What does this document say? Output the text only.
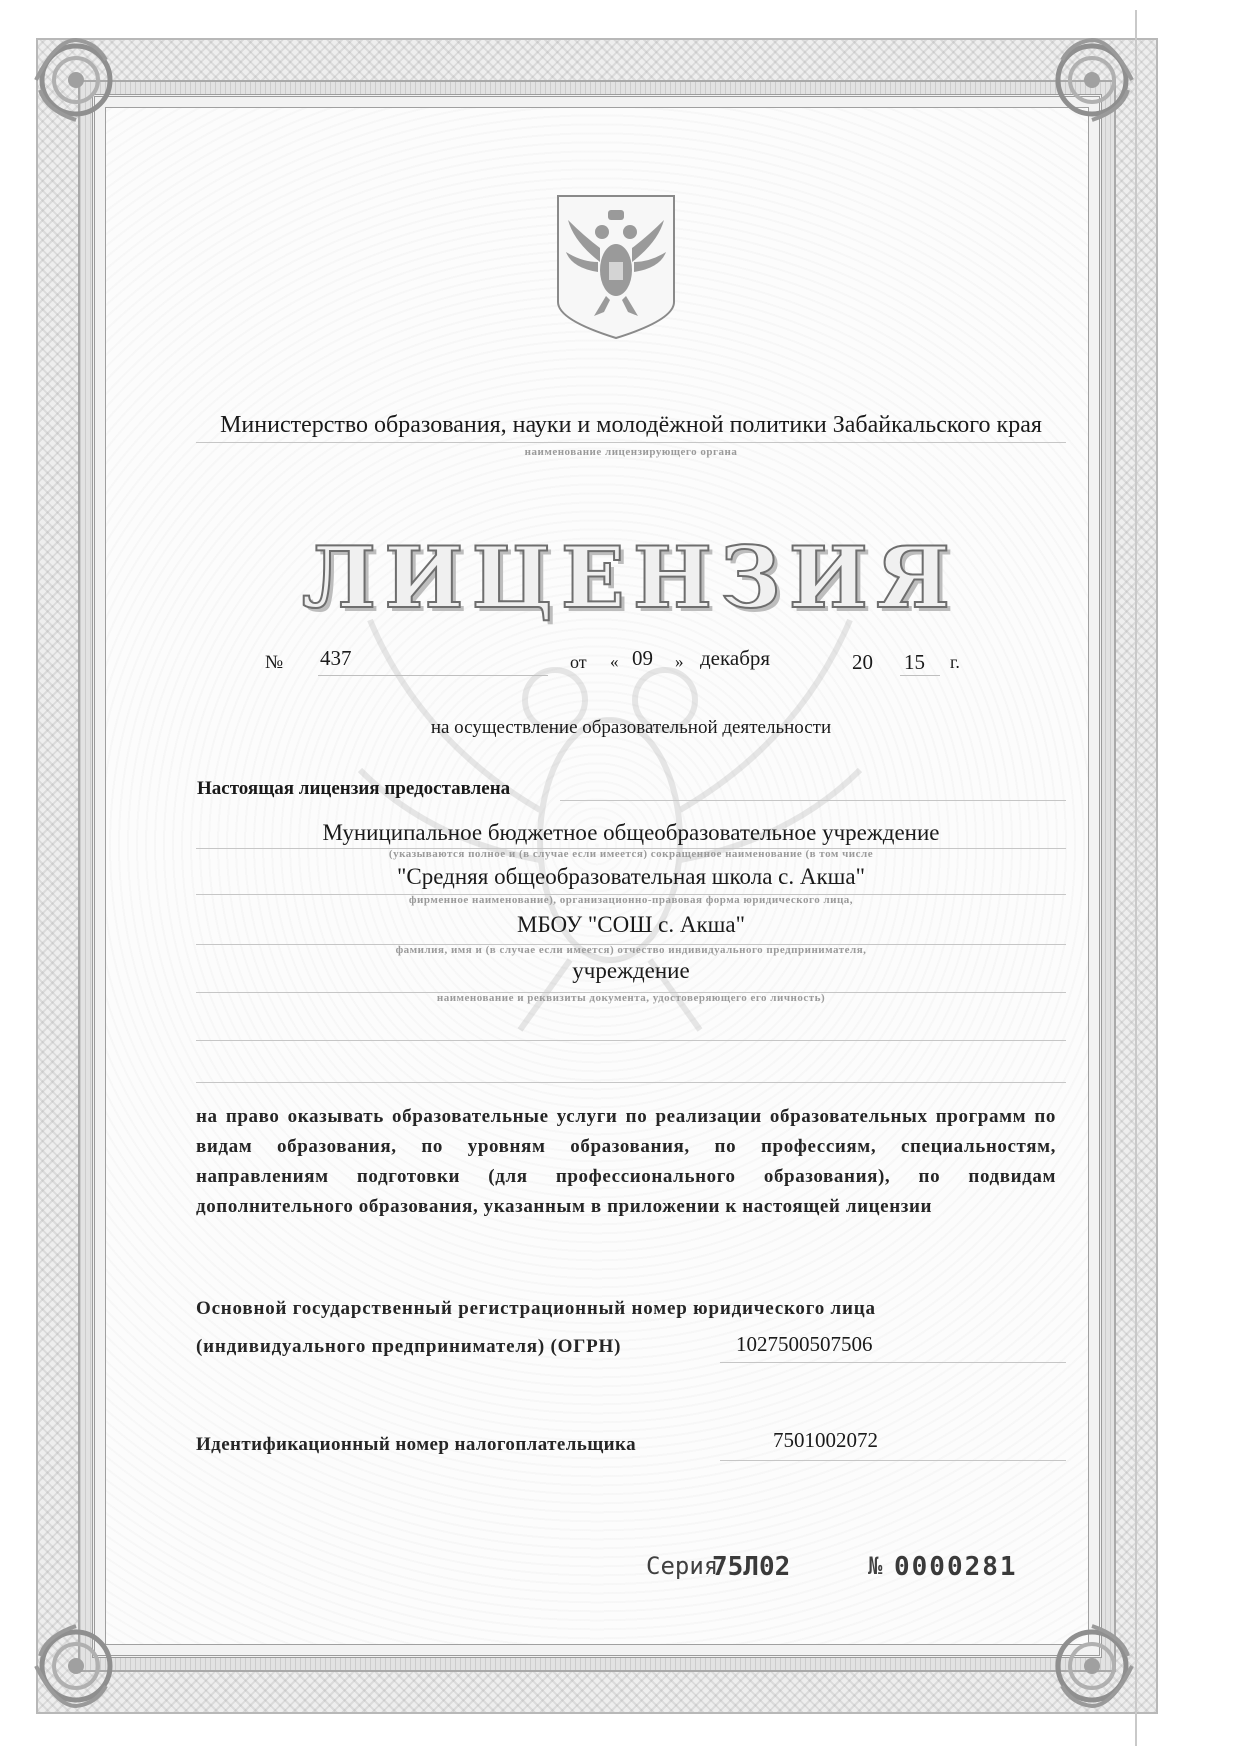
Министерство образования, науки и молодёжной политики Забайкальского края
наименование лицензирующего органа
ЛИЦЕНЗИЯ
№ 437	от « 09 » декабря	20 15 г.
на осуществление образовательной деятельности
Настоящая лицензия предоставлена
Муниципальное бюджетное общеобразовательное учреждение
(указываются полное и (в случае если имеется) сокращенное наименование (в том числе
"Средняя общеобразовательная школа с. Акша"
фирменное наименование), организационно-правовая форма юридического лица,
МБОУ "СОШ с. Акша"
фамилия, имя и (в случае если имеется) отчество индивидуального предпринимателя,
учреждение
наименование и реквизиты документа, удостоверяющего его личность)
на право оказывать образовательные услуги по реализации образовательных программ по видам образования, по уровням образования, по профессиям, специальностям, направлениям подготовки (для профессионального образования), по подвидам дополнительного образования, указанным в приложении к настоящей лицензии
Основной государственный регистрационный номер юридического лица
(индивидуального предпринимателя) (ОГРН)	1027500507506
Идентификационный номер налогоплательщика	7501002072
Серия
75Л02	№ 0000281
